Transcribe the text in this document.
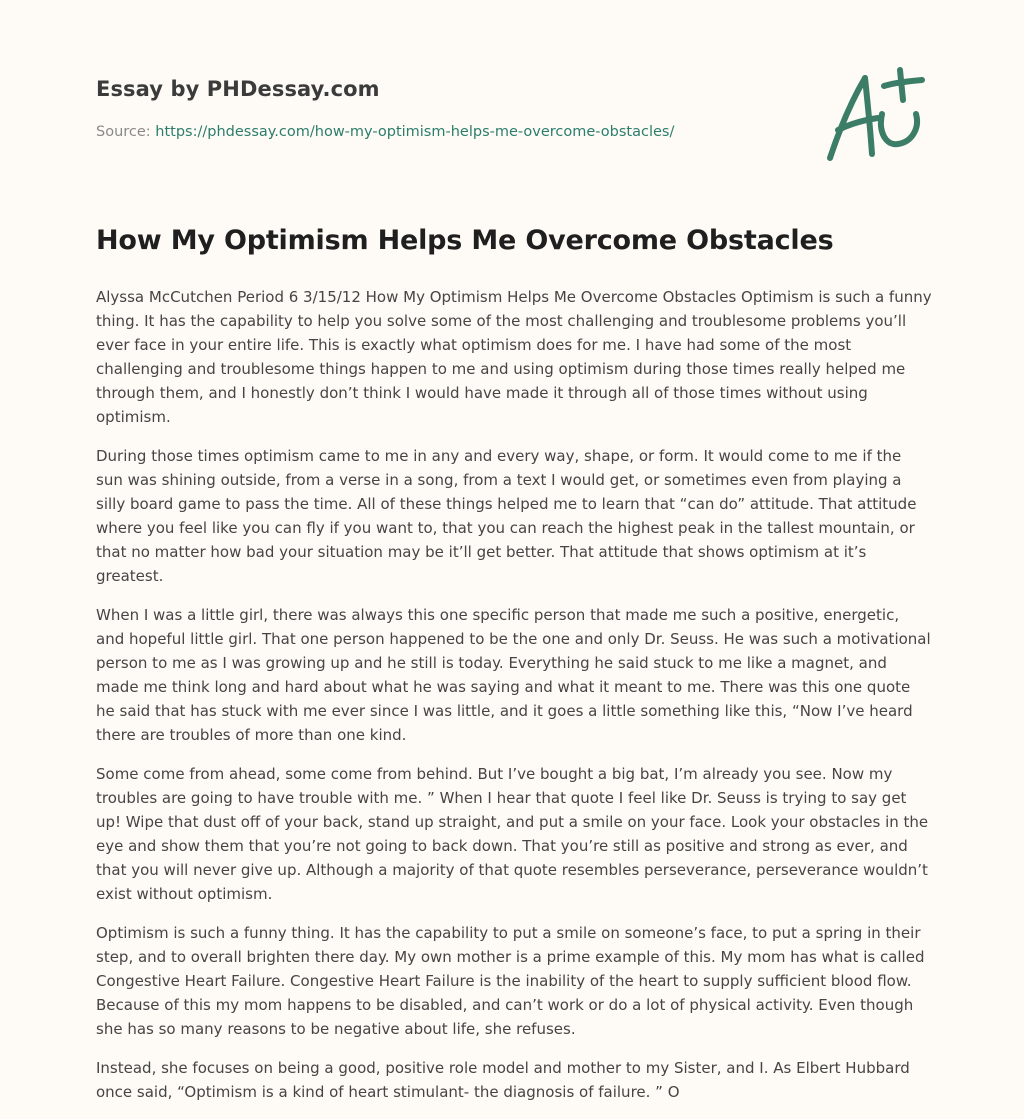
Essay by PHDessay.com

Source: https://phdessay.com/how-my-optimism-helps-me-overcome-obstacles/

How My Optimism Helps Me Overcome Obstacles

Alyssa McCutchen Period 6 3/15/12 How My Optimism Helps Me Overcome Obstacles Optimism is such a funny thing. It has the capability to help you solve some of the most challenging and troublesome problems you’ll ever face in your entire life. This is exactly what optimism does for me. I have had some of the most challenging and troublesome things happen to me and using optimism during those times really helped me through them, and I honestly don’t think I would have made it through all of those times without using optimism.

During those times optimism came to me in any and every way, shape, or form. It would come to me if the sun was shining outside, from a verse in a song, from a text I would get, or sometimes even from playing a silly board game to pass the time. All of these things helped me to learn that “can do” attitude. That attitude where you feel like you can fly if you want to, that you can reach the highest peak in the tallest mountain, or that no matter how bad your situation may be it’ll get better. That attitude that shows optimism at it’s greatest.

When I was a little girl, there was always this one specific person that made me such a positive, energetic, and hopeful little girl. That one person happened to be the one and only Dr. Seuss. He was such a motivational person to me as I was growing up and he still is today. Everything he said stuck to me like a magnet, and made me think long and hard about what he was saying and what it meant to me. There was this one quote he said that has stuck with me ever since I was little, and it goes a little something like this, “Now I’ve heard there are troubles of more than one kind.

Some come from ahead, some come from behind. But I’ve bought a big bat, I’m already you see. Now my troubles are going to have trouble with me. ” When I hear that quote I feel like Dr. Seuss is trying to say get up! Wipe that dust off of your back, stand up straight, and put a smile on your face. Look your obstacles in the eye and show them that you’re not going to back down. That you’re still as positive and strong as ever, and that you will never give up. Although a majority of that quote resembles perseverance, perseverance wouldn’t exist without optimism.

Optimism is such a funny thing. It has the capability to put a smile on someone’s face, to put a spring in their step, and to overall brighten there day. My own mother is a prime example of this. My mom has what is called Congestive Heart Failure. Congestive Heart Failure is the inability of the heart to supply sufficient blood flow. Because of this my mom happens to be disabled, and can’t work or do a lot of physical activity. Even though she has so many reasons to be negative about life, she refuses.

Instead, she focuses on being a good, positive role model and mother to my Sister, and I. As Elbert Hubbard once said, “Optimism is a kind of heart stimulant- the diagnosis of failure. ” O
